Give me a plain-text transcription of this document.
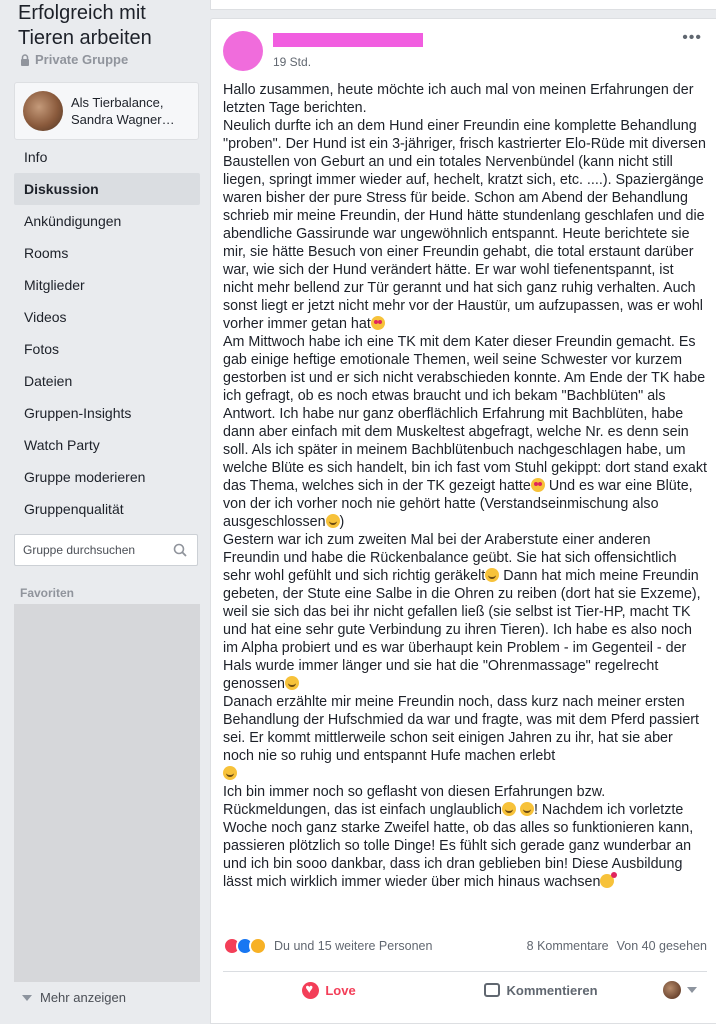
Erfolgreich mit Tieren arbeiten
Private Gruppe
Als Tierbalance, Sandra Wagner…
Info
Diskussion
Ankündigungen
Rooms
Mitglieder
Videos
Fotos
Dateien
Gruppen-Insights
Watch Party
Gruppe moderieren
Gruppenqualität
Gruppe durchsuchen
Favoriten
Mehr anzeigen
19 Std.
•••

Hallo zusammen, heute möchte ich auch mal von meinen Erfahrungen der letzten Tage berichten.

Neulich durfte ich an dem Hund einer Freundin eine komplette Behandlung "proben". Der Hund ist ein 3-jähriger, frisch kastrierter Elo-Rüde mit diversen Baustellen von Geburt an und ein totales Nervenbündel (kann nicht still liegen, springt immer wieder auf, hechelt, kratzt sich, etc. ....). Spaziergänge waren bisher der pure Stress für beide. Schon am Abend der Behandlung schrieb mir meine Freundin, der Hund hätte stundenlang geschlafen und die abendliche Gassirunde war ungewöhnlich entspannt. Heute berichtete sie mir, sie hätte Besuch von einer Freundin gehabt, die total erstaunt darüber war, wie sich der Hund verändert hätte. Er war wohl tiefenentspannt, ist nicht mehr bellend zur Tür gerannt und hat sich ganz ruhig verhalten. Auch sonst liegt er jetzt nicht mehr vor der Haustür, um aufzupassen, was er wohl vorher immer getan hat

Am Mittwoch habe ich eine TK mit dem Kater dieser Freundin gemacht. Es gab einige heftige emotionale Themen, weil seine Schwester vor kurzem gestorben ist und er sich nicht verabschieden konnte. Am Ende der TK habe ich gefragt, ob es noch etwas braucht und ich bekam "Bachblüten" als Antwort. Ich habe nur ganz oberflächlich Erfahrung mit Bachblüten, habe dann aber einfach mit dem Muskeltest abgefragt, welche Nr. es denn sein soll. Als ich später in meinem Bachblütenbuch nachgeschlagen habe, um welche Blüte es sich handelt, bin ich fast vom Stuhl gekippt: dort stand exakt das Thema, welches sich in der TK gezeigt hatte Und es war eine Blüte, von der ich vorher noch nie gehört hatte (Verstandseinmischung also ausgeschlossen )

Gestern war ich zum zweiten Mal bei der Araberstute einer anderen Freundin und habe die Rückenbalance geübt. Sie hat sich offensichtlich sehr wohl gefühlt und sich richtig geräkelt Dann hat mich meine Freundin gebeten, der Stute eine Salbe in die Ohren zu reiben (dort hat sie Exzeme), weil sie sich das bei ihr nicht gefallen ließ (sie selbst ist Tier-HP, macht TK und hat eine sehr gute Verbindung zu ihren Tieren). Ich habe es also noch im Alpha probiert und es war überhaupt kein Problem - im Gegenteil - der Hals wurde immer länger und sie hat die "Ohrenmassage" regelrecht genossen

Danach erzählte mir meine Freundin noch, dass kurz nach meiner ersten Behandlung der Hufschmied da war und fragte, was mit dem Pferd passiert sei. Er kommt mittlerweile schon seit einigen Jahren zu ihr, hat sie aber noch nie so ruhig und entspannt Hufe machen erlebt

Ich bin immer noch so geflasht von diesen Erfahrungen bzw. Rückmeldungen, das ist einfach unglaublich ! Nachdem ich vorletzte Woche noch ganz starke Zweifel hatte, ob das alles so funktionieren kann, passieren plötzlich so tolle Dinge! Es fühlt sich gerade ganz wunderbar an und ich bin sooo dankbar, dass ich dran geblieben bin! Diese Ausbildung lässt mich wirklich immer wieder über mich hinaus wachsen

Du und 15 weitere Personen	8 Kommentare Von 40 gesehen
♥
Love	Kommentieren
